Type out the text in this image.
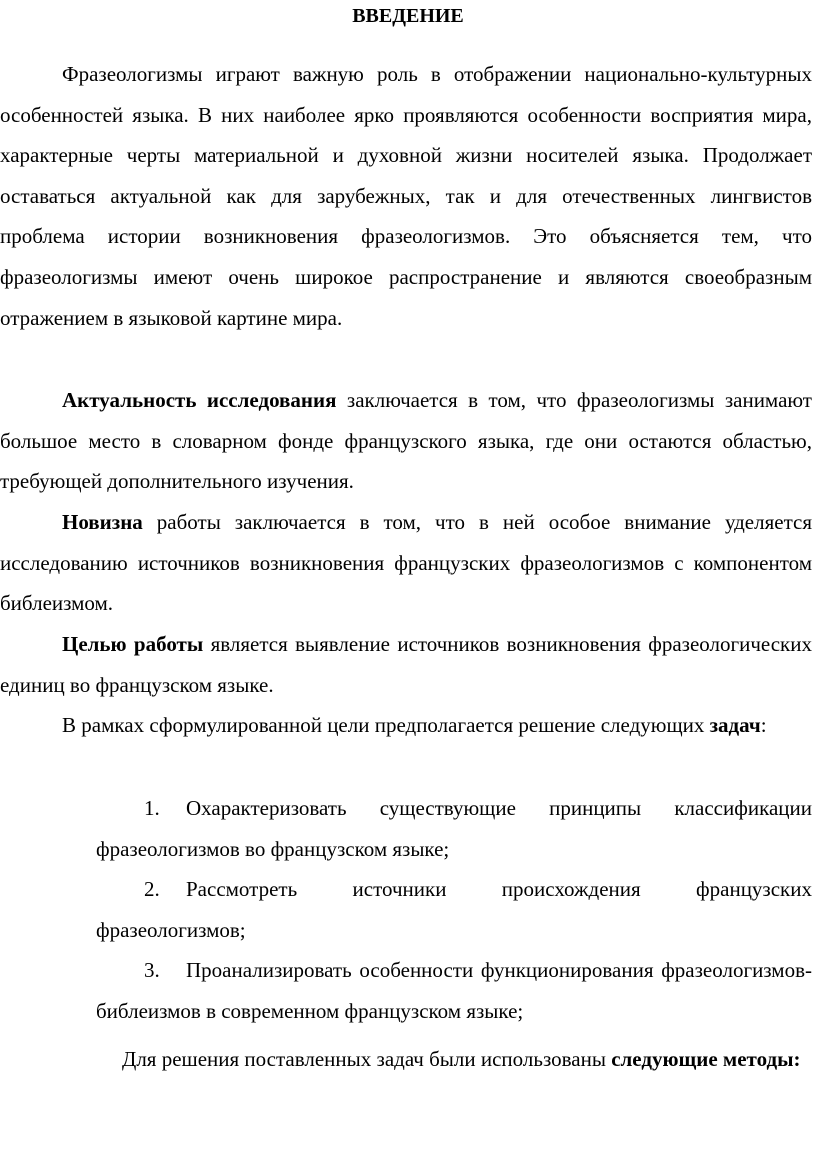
ВВЕДЕНИЕ

Фразеологизмы играют важную роль в отображении национально-культурных особенностей языка. В них наиболее ярко проявляются особенности восприятия мира, характерные черты материальной и духовной жизни носителей языка. Продолжает оставаться актуальной как для зарубежных, так и для отечественных лингвистов проблема истории возникновения фразеологизмов. Это объясняется тем, что фразеологизмы имеют очень широкое распространение и являются своеобразным отражением в языковой картине мира.

Актуальность исследования заключается в том, что фразеологизмы занимают большое место в словарном фонде французского языка, где они остаются областью, требующей дополнительного изучения.

Новизна работы заключается в том, что в ней особое внимание уделяется исследованию источников возникновения французских фразеологизмов с компонентом библеизмом.

Целью работы является выявление источников возникновения фразеологических единиц во французском языке.

В рамках сформулированной цели предполагается решение следующих задач:

1. Охарактеризовать существующие принципы классификации фразеологизмов во французском языке;

2. Рассмотреть источники происхождения французских фразеологизмов;

3. Проанализировать особенности функционирования фразеологизмов-библеизмов в современном французском языке;

Для решения поставленных задач были использованы следующие методы:
